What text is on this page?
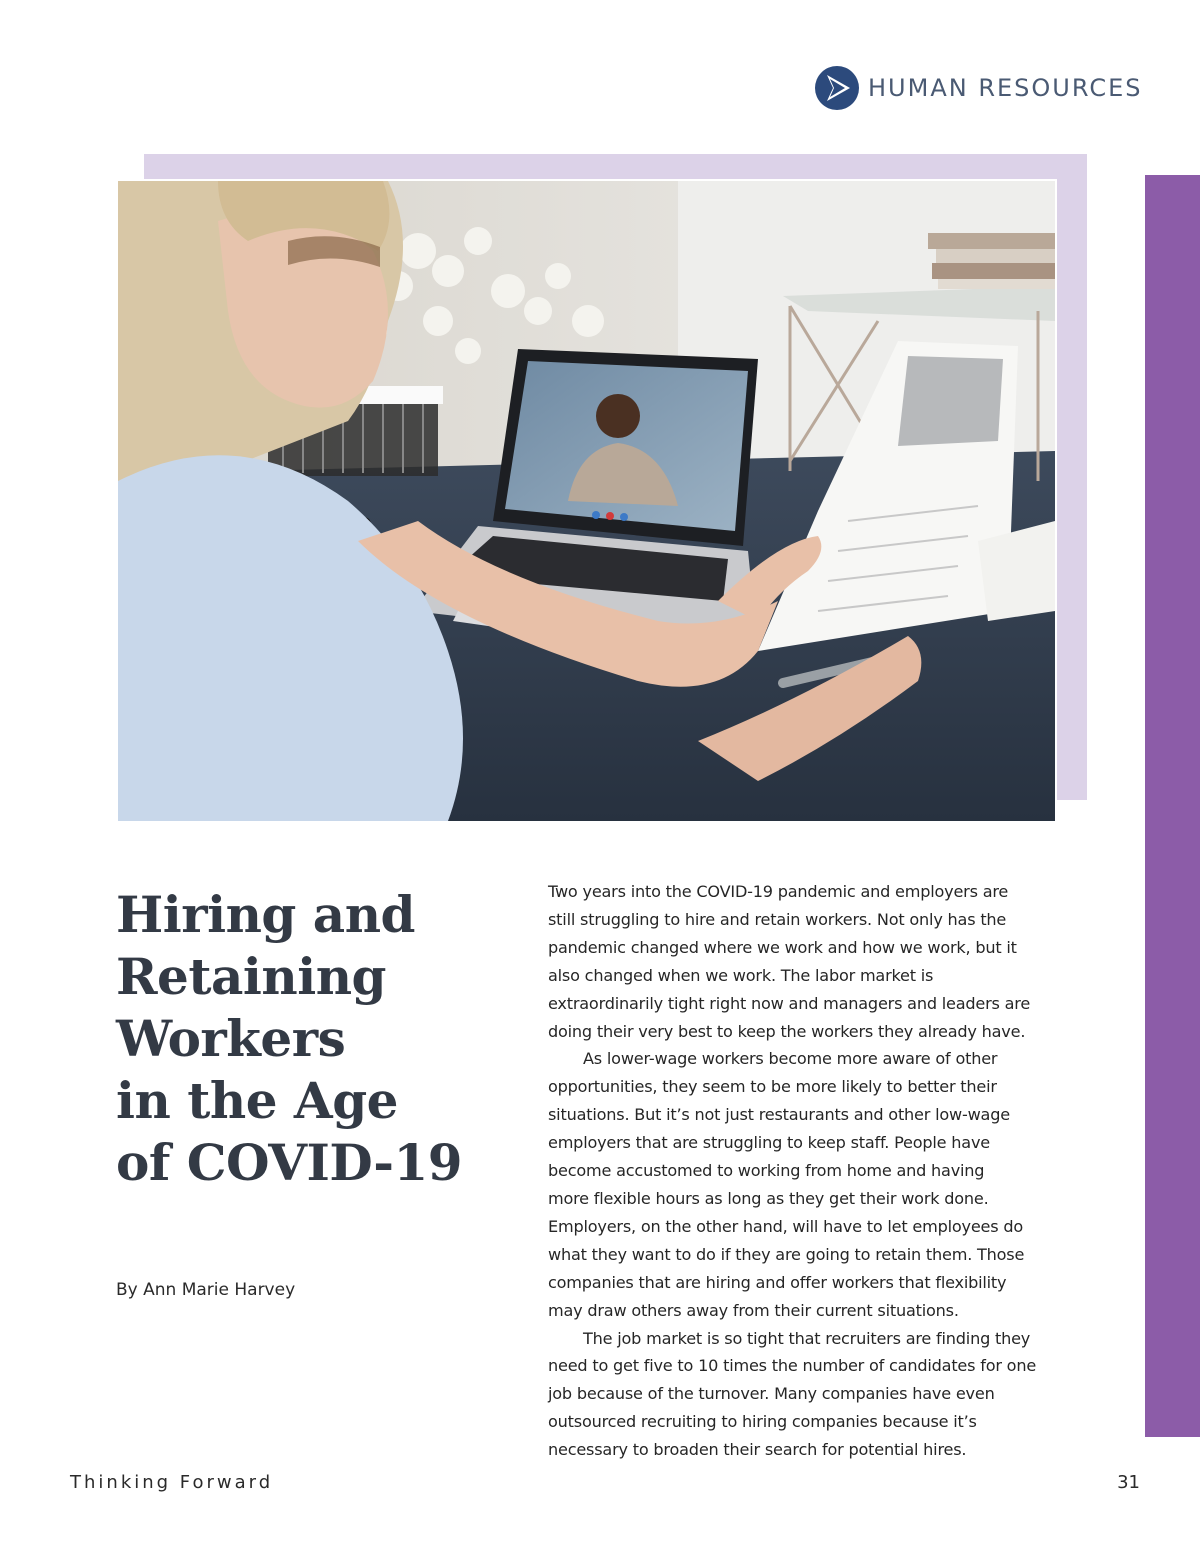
HUMAN RESOURCES
Hiring and
Retaining
Workers
in the Age
of COVID-19
By Ann Marie Harvey

Two years into the COVID-19 pandemic and employers are
still struggling to hire and retain workers. Not only has the
pandemic changed where we work and how we work, but it
also changed when we work. The labor market is
extraordinarily tight right now and managers and leaders are
doing their very best to keep the workers they already have.

As lower-wage workers become more aware of other
opportunities, they seem to be more likely to better their
situations. But it’s not just restaurants and other low-wage
employers that are struggling to keep staff. People have
become accustomed to working from home and having
more flexible hours as long as they get their work done.
Employers, on the other hand, will have to let employees do
what they want to do if they are going to retain them. Those
companies that are hiring and offer workers that flexibility
may draw others away from their current situations.

The job market is so tight that recruiters are finding they
need to get five to 10 times the number of candidates for one
job because of the turnover. Many companies have even
outsourced recruiting to hiring companies because it’s
necessary to broaden their search for potential hires.

Thinking Forward	31
